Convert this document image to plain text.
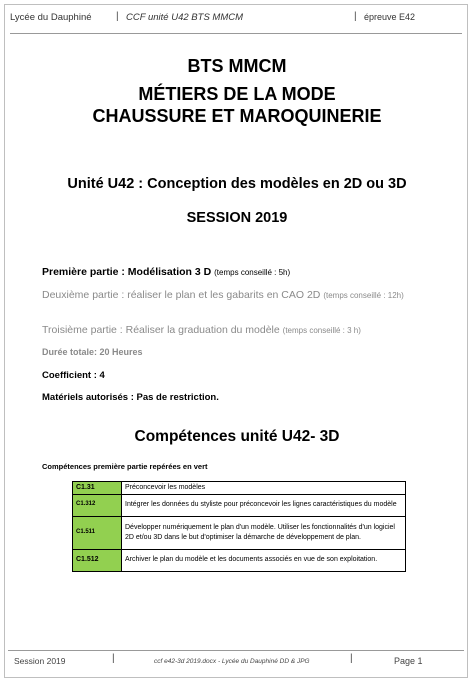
Lycée du Dauphiné | CCF unité U42 BTS MMCM	| épreuve E42
BTS MMCM
MÉTIERS DE LA MODE
CHAUSSURE ET MAROQUINERIE
Unité U42 : Conception des modèles en 2D ou 3D
SESSION 2019
Première partie : Modélisation 3 D (temps conseillé : 5h)
Deuxième partie : réaliser le plan et les gabarits en CAO 2D (temps conseillé : 12h)
Troisième partie : Réaliser la graduation du modèle (temps conseillé : 3 h)
Durée totale: 20 Heures
Coefficient : 4
Matériels autorisés : Pas de restriction.
Compétences unité U42- 3D
Compétences première partie repérées en vert
C1.31	Préconcevoir les modèles
C1.312	Intégrer les données du styliste pour préconcevoir les lignes caractéristiques du modèle
C1.511	Développer numériquement le plan d'un modèle. Utiliser les fonctionnalités d'un logiciel 2D et/ou 3D dans le but d'optimiser la démarche de développement de plan.
C1.512	Archiver le plan du modèle et les documents associés en vue de son exploitation.
Session 2019	|	ccf e42-3d 2019.docx - Lycée du Dauphiné DD & JPG	|	Page 1
